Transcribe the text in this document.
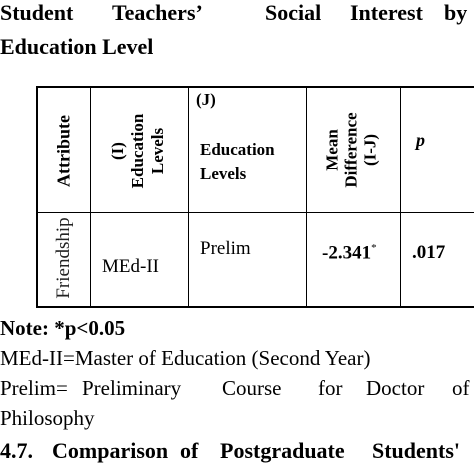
Student Teachers’	Social Interest by
Education Level
Attribute (I) Education Levels
(J)
Education
Levels
Mean Difference (I-J) p
Friendship MEd-II
Prelim	-2.341* .017
Note: *p<0.05
MEd-II=Master of Education (Second Year)
Prelim= Preliminary Course for Doctor of
Philosophy
4.7. Comparison of Postgraduate Students'
